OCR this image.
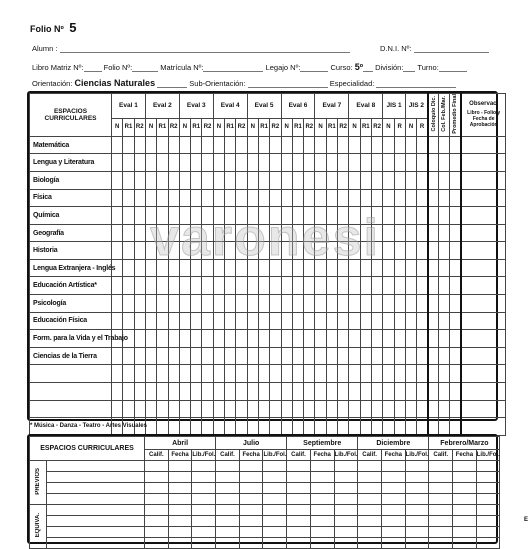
Folio Nº 5
Alumn :	D.N.I. Nº:
Libro Matriz Nº:	Folio Nº:	Matrícula Nº:	Legajo Nº:	Curso: 5º División: Turno:
Orientación: Ciencias Naturales	Sub-Orientación:	Especialidad:
ESPACIOS CURRICULARES	Eval 1			Eval 2			Eval 3			Eval 4			Eval 5			Eval 6			Eval 7			Eval 8			JIS 1		JIS 2		Coloquio Dic.	Col. Feb./Mar.	Promedio Final	Observac.
Libro - Folio y Fecha de Aprobación

	N	R1	R2	N	R1	R2	N	R1	R2	N	R1	R2	N	R1	R2	N	R1	R2	N	R1	R2	N	R1	R2	N	R	N	R				
Matemática																																
Lengua y Literatura																																
Biología																																
Física																																
Química																																
Geografía																																
Historia																																
Lengua Extranjera - Inglés																																
Educación Artística*																																
Psicología																																
Educación Física																																
Form. para la Vida y el Trabajo																																
Ciencias de la Tierra																																

varonesi
* Música - Danza - Teatro - Artes Visuales
ESPACIOS CURRICULARES		Abril			Julio			Septiembre			Diciembre			Febrero/Marzo		
		Calif.	Fecha	Lib./Fol.	Calif.	Fecha	Lib./Fol.	Calif.	Fecha	Lib./Fol.	Calif.	Fecha	Lib./Fol.	Calif.	Fecha	Lib./Fol.
PREVIOS																

EQUIVA.																

																E
